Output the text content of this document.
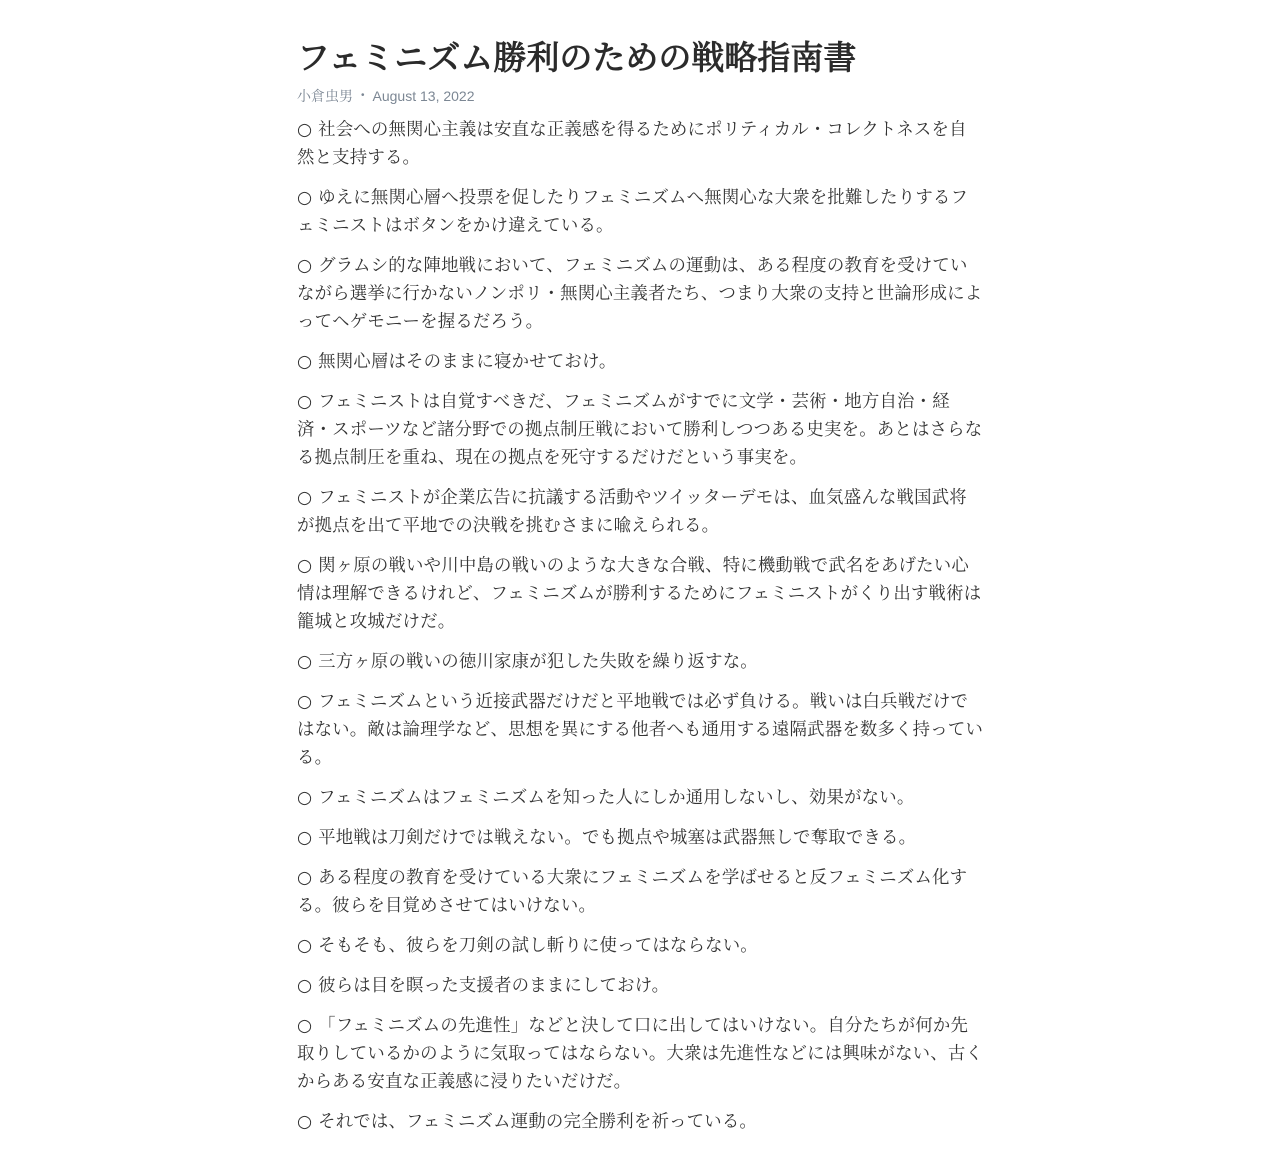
フェミニズム勝利のための戦略指南書
小倉虫男 • August 13, 2022

○ 社会への無関心主義は安直な正義感を得るためにポリティカル・コレクトネスを自然と支持する。

○ ゆえに無関心層へ投票を促したりフェミニズムへ無関心な大衆を批難したりするフェミニストはボタンをかけ違えている。

○ グラムシ的な陣地戦において、フェミニズムの運動は、ある程度の教育を受けていながら選挙に行かないノンポリ・無関心主義者たち、つまり大衆の支持と世論形成によってヘゲモニーを握るだろう。

○ 無関心層はそのままに寝かせておけ。

○ フェミニストは自覚すべきだ、フェミニズムがすでに文学・芸術・地方自治・経済・スポーツなど諸分野での拠点制圧戦において勝利しつつある史実を。あとはさらなる拠点制圧を重ね、現在の拠点を死守するだけだという事実を。

○ フェミニストが企業広告に抗議する活動やツイッターデモは、血気盛んな戦国武将が拠点を出て平地での決戦を挑むさまに喩えられる。

○ 関ヶ原の戦いや川中島の戦いのような大きな合戦、特に機動戦で武名をあげたい心情は理解できるけれど、フェミニズムが勝利するためにフェミニストがくり出す戦術は籠城と攻城だけだ。

○ 三方ヶ原の戦いの徳川家康が犯した失敗を繰り返すな。

○ フェミニズムという近接武器だけだと平地戦では必ず負ける。戦いは白兵戦だけではない。敵は論理学など、思想を異にする他者へも通用する遠隔武器を数多く持っている。

○ フェミニズムはフェミニズムを知った人にしか通用しないし、効果がない。

○ 平地戦は刀剣だけでは戦えない。でも拠点や城塞は武器無しで奪取できる。

○ ある程度の教育を受けている大衆にフェミニズムを学ばせると反フェミニズム化する。彼らを目覚めさせてはいけない。

○ そもそも、彼らを刀剣の試し斬りに使ってはならない。

○ 彼らは目を瞑った支援者のままにしておけ。

○ 「フェミニズムの先進性」などと決して口に出してはいけない。自分たちが何か先取りしているかのように気取ってはならない。大衆は先進性などには興味がない、古くからある安直な正義感に浸りたいだけだ。

○ それでは、フェミニズム運動の完全勝利を祈っている。
